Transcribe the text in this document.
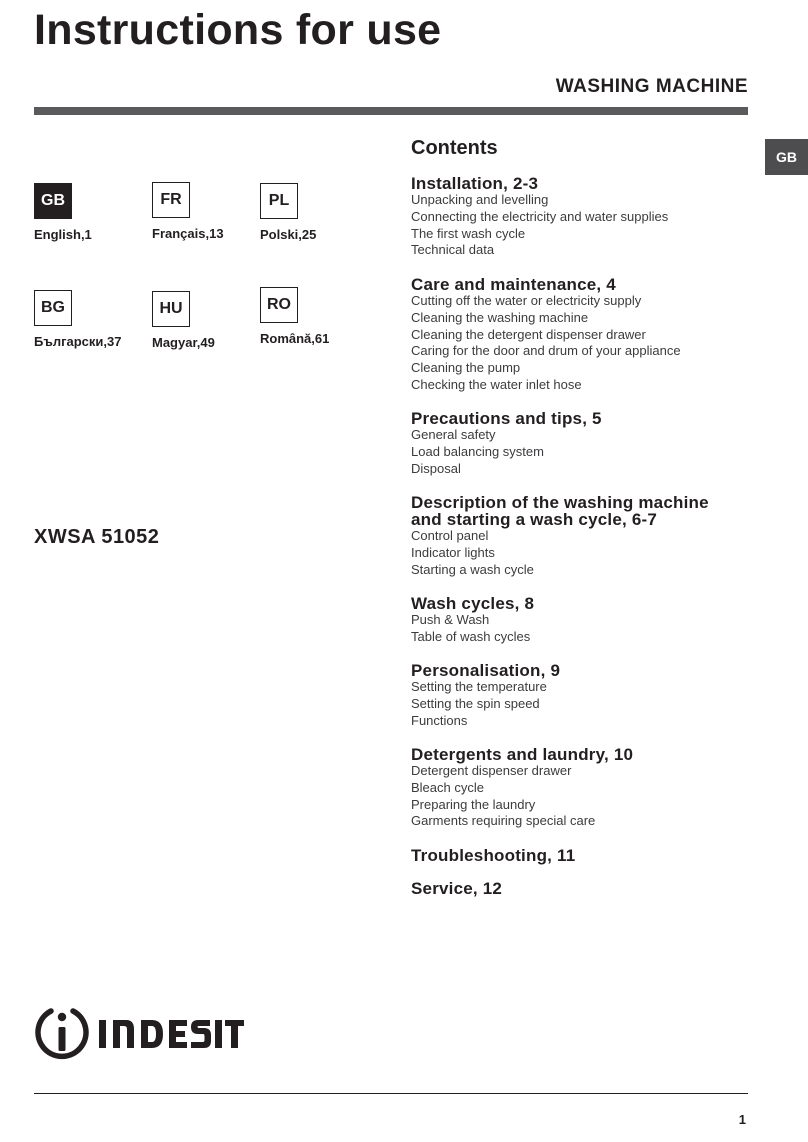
Instructions for use
WASHING MACHINE
GB
GB
English,1
FR
Français,13
PL
Polski,25
BG
Български,37
HU
Magyar,49
RO
Română,61
XWSA 51052
Contents
Installation, 2-3
Unpacking and levelling
Connecting the electricity and water supplies
The first wash cycle
Technical data
Care and maintenance, 4
Cutting off the water or electricity supply
Cleaning the washing machine
Cleaning the detergent dispenser drawer
Caring for the door and drum of your appliance
Cleaning the pump
Checking the water inlet hose
Precautions and tips, 5
General safety
Load balancing system
Disposal
Description of the washing machine
and starting a wash cycle, 6-7
Control panel
Indicator lights
Starting a wash cycle
Wash cycles, 8
Push & Wash
Table of wash cycles
Personalisation, 9
Setting the temperature
Setting the spin speed
Functions
Detergents and laundry, 10
Detergent dispenser drawer
Bleach cycle
Preparing the laundry
Garments requiring special care
Troubleshooting, 11
Service, 12
1
